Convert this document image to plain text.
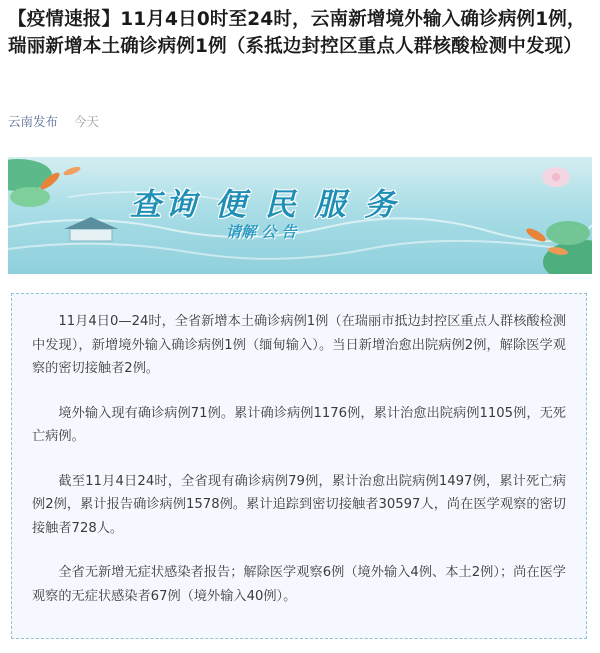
【疫情速报】11月4日0时至24时，云南新增境外输入确诊病例1例，瑞丽新增本土确诊病例1例（系抵边封控区重点人群核酸检测中发现）
云南发布 今天
查询 便 民 服 务
请解 公 告

11月4日0—24时，全省新增本土确诊病例1例（在瑞丽市抵边封控区重点人群核酸检测中发现），新增境外输入确诊病例1例（缅甸输入）。当日新增治愈出院病例2例，解除医学观察的密切接触者2例。

境外输入现有确诊病例71例。累计确诊病例1176例，累计治愈出院病例1105例，无死亡病例。

截至11月4日24时，全省现有确诊病例79例，累计治愈出院病例1497例，累计死亡病例2例，累计报告确诊病例1578例。累计追踪到密切接触者30597人，尚在医学观察的密切接触者728人。

全省无新增无症状感染者报告；解除医学观察6例（境外输入4例、本土2例）；尚在医学观察的无症状感染者67例（境外输入40例）。
